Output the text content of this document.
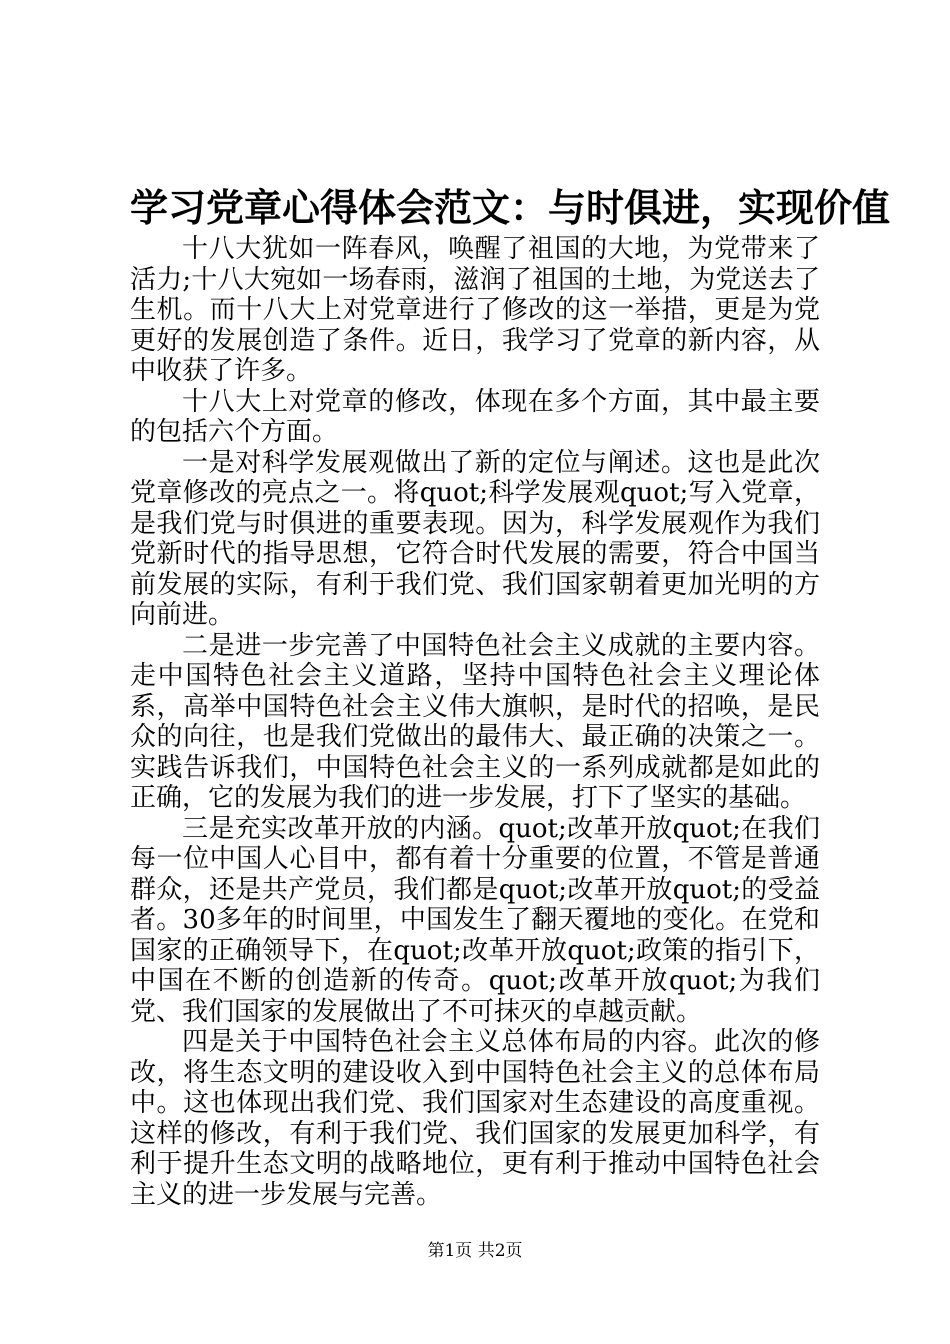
学习党章心得体会范文：与时俱进，实现价值

十八大犹如一阵春风，唤醒了祖国的大地，为党带来了活力;十八大宛如一场春雨，滋润了祖国的土地，为党送去了生机。而十八大上对党章进行了修改的这一举措，更是为党更好的发展创造了条件。近日，我学习了党章的新内容，从中收获了许多。

十八大上对党章的修改，体现在多个方面，其中最主要的包括六个方面。

一是对科学发展观做出了新的定位与阐述。这也是此次党章修改的亮点之一。将quot;科学发展观quot;写入党章，是我们党与时俱进的重要表现。因为，科学发展观作为我们党新时代的指导思想，它符合时代发展的需要，符合中国当前发展的实际，有利于我们党、我们国家朝着更加光明的方向前进。

二是进一步完善了中国特色社会主义成就的主要内容。走中国特色社会主义道路，坚持中国特色社会主义理论体系，高举中国特色社会主义伟大旗帜，是时代的招唤，是民众的向往，也是我们党做出的最伟大、最正确的决策之一。实践告诉我们，中国特色社会主义的一系列成就都是如此的正确，它的发展为我们的进一步发展，打下了坚实的基础。

三是充实改革开放的内涵。quot;改革开放quot;在我们每一位中国人心目中，都有着十分重要的位置，不管是普通群众，还是共产党员，我们都是quot;改革开放quot;的受益者。30多年的时间里，中国发生了翻天覆地的变化。在党和国家的正确领导下，在quot;改革开放quot;政策的指引下，中国在不断的创造新的传奇。quot;改革开放quot;为我们党、我们国家的发展做出了不可抹灭的卓越贡献。

四是关于中国特色社会主义总体布局的内容。此次的修改，将生态文明的建设收入到中国特色社会主义的总体布局中。这也体现出我们党、我们国家对生态建设的高度重视。这样的修改，有利于我们党、我们国家的发展更加科学，有利于提升生态文明的战略地位，更有利于推动中国特色社会主义的进一步发展与完善。

第1页 共2页
